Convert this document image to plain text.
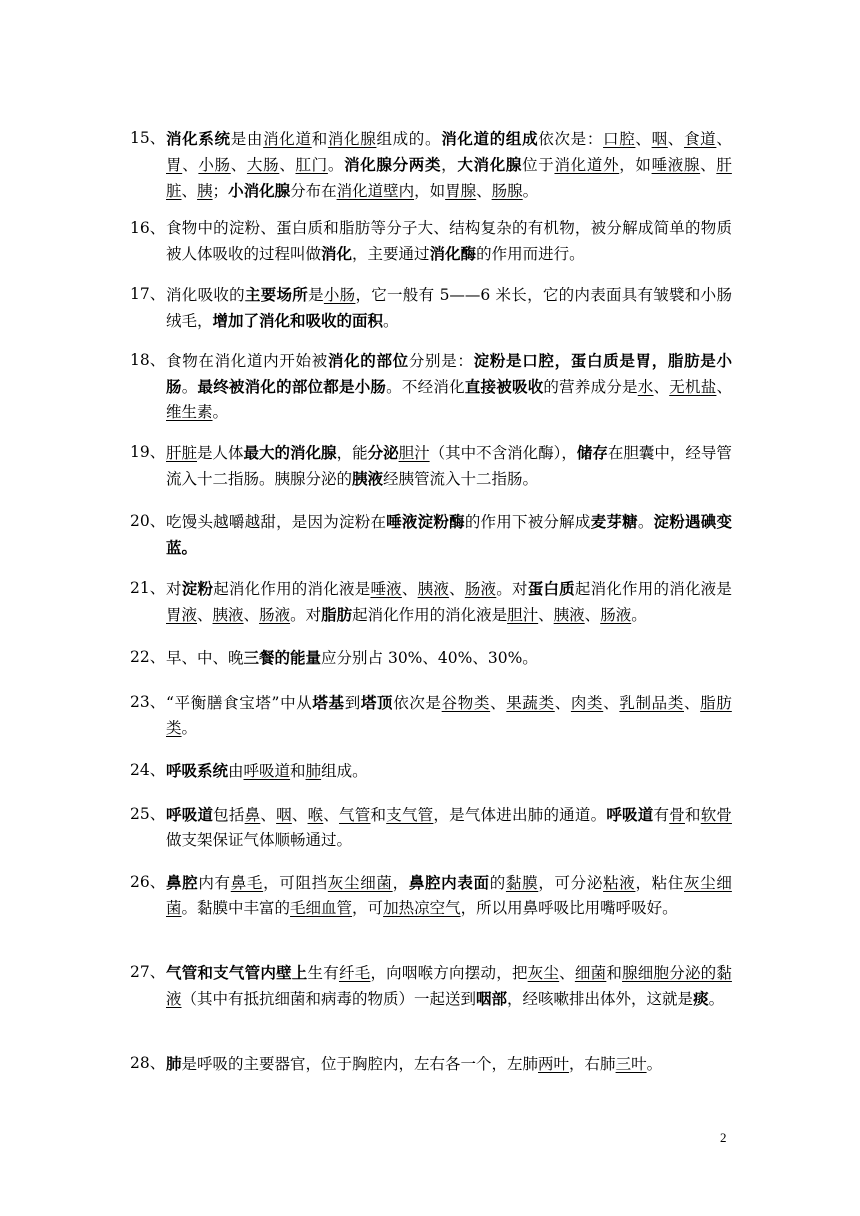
15、 消化系统是由消化道和消化腺组成的。消化道的组成依次是：口腔、咽、食道、胃、小肠、大肠、肛门。消化腺分两类，大消化腺位于消化道外，如唾液腺、肝脏、胰；小消化腺分布在消化道壁内，如胃腺、肠腺。
16、 食物中的淀粉、蛋白质和脂肪等分子大、结构复杂的有机物，被分解成简单的物质被人体吸收的过程叫做消化，主要通过消化酶的作用而进行。
17、 消化吸收的主要场所是小肠，它一般有 5——6 米长，它的内表面具有皱襞和小肠绒毛，增加了消化和吸收的面积。
18、 食物在消化道内开始被消化的部位分别是：淀粉是口腔，蛋白质是胃，脂肪是小肠。最终被消化的部位都是小肠。不经消化直接被吸收的营养成分是水、无机盐、维生素。
19、 肝脏是人体最大的消化腺，能分泌胆汁（其中不含消化酶），储存在胆囊中，经导管流入十二指肠。胰腺分泌的胰液经胰管流入十二指肠。
20、 吃馒头越嚼越甜，是因为淀粉在唾液淀粉酶的作用下被分解成麦芽糖。淀粉遇碘变蓝。
21、 对淀粉起消化作用的消化液是唾液、胰液、肠液。对蛋白质起消化作用的消化液是胃液、胰液、肠液。对脂肪起消化作用的消化液是胆汁、胰液、肠液。
22、 早、中、晚三餐的能量应分别占 30%、40%、30%。
23、 “平衡膳食宝塔”中从塔基到塔顶依次是谷物类、果蔬类、肉类、乳制品类、脂肪类。
24、 呼吸系统由呼吸道和肺组成。
25、 呼吸道包括鼻、咽、喉、气管和支气管，是气体进出肺的通道。呼吸道有骨和软骨做支架保证气体顺畅通过。
26、 鼻腔内有鼻毛，可阻挡灰尘细菌，鼻腔内表面的黏膜，可分泌粘液，粘住灰尘细菌。黏膜中丰富的毛细血管，可加热凉空气，所以用鼻呼吸比用嘴呼吸好。
27、 气管和支气管内壁上生有纤毛，向咽喉方向摆动，把灰尘、细菌和腺细胞分泌的黏液（其中有抵抗细菌和病毒的物质）一起送到咽部，经咳嗽排出体外，这就是痰。
28、 肺是呼吸的主要器官，位于胸腔内，左右各一个，左肺两叶，右肺三叶。
2
